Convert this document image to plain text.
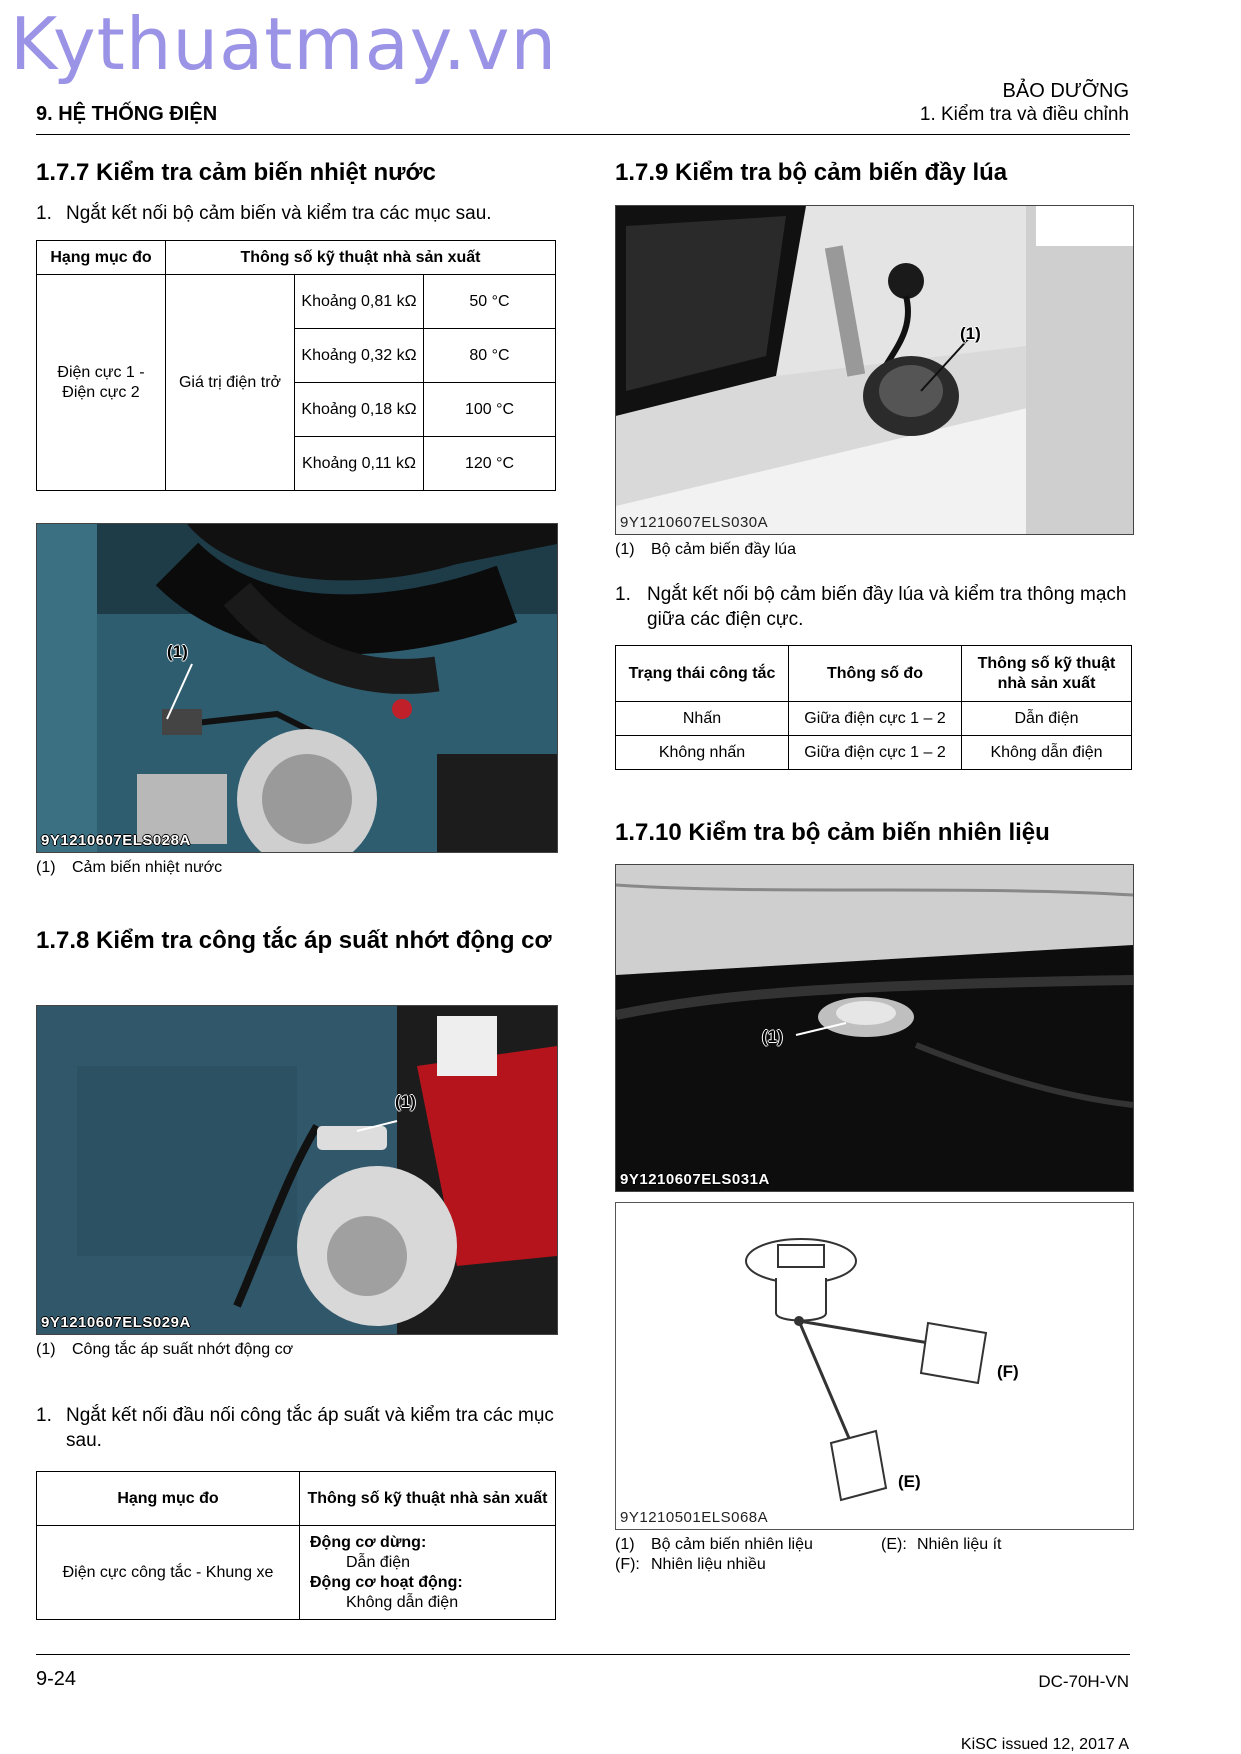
Kythuatmay.vn
BẢO DƯỠNG
1. Kiểm tra và điều chỉnh
9. HỆ THỐNG ĐIỆN
1.7.7 Kiểm tra cảm biến nhiệt nước
1. Ngắt kết nối bộ cảm biến và kiểm tra các mục sau.
Hạng mục đo	Thông số kỹ thuật nhà sản xuất		
Điện cực 1 - Điện cực 2	Giá trị điện trở	Khoảng 0,81 kΩ	50 °C
		Khoảng 0,32 kΩ	80 °C
		Khoảng 0,18 kΩ	100 °C
		Khoảng 0,11 kΩ	120 °C
(1)
9Y1210607ELS028A
(1) Cảm biến nhiệt nước
1.7.8 Kiểm tra công tắc áp suất nhớt động cơ
(1)
9Y1210607ELS029A
(1)	Công tắc áp suất nhớt động cơ
1. Ngắt kết nối đầu nối công tắc áp suất và kiểm tra các mục sau.
Hạng mục đo	Thông số kỹ thuật nhà sản xuất
Điện cực công tắc - Khung xe	Động cơ dừng:
Dẫn điện
Động cơ hoạt động:
Không dẫn điện
1.7.9 Kiểm tra bộ cảm biến đầy lúa
(1)
9Y1210607ELS030A
(1) Bộ cảm biến đầy lúa
1. Ngắt kết nối bộ cảm biến đầy lúa và kiểm tra thông mạch giữa các điện cực.
Trạng thái công tắc	Thông số đo	Thông số kỹ thuật nhà sản xuất
Nhấn	Giữa điện cực 1 – 2	Dẫn điện
Không nhấn	Giữa điện cực 1 – 2	Không dẫn điện
1.7.10 Kiểm tra bộ cảm biến nhiên liệu
(1)
9Y1210607ELS031A
(F)
(E)
9Y1210501ELS068A
(1) Bộ cảm biến nhiên liệu	(E): Nhiên liệu ít
(F): Nhiên liệu nhiều
9-24	DC-70H-VN
KiSC issued 12, 2017 A
